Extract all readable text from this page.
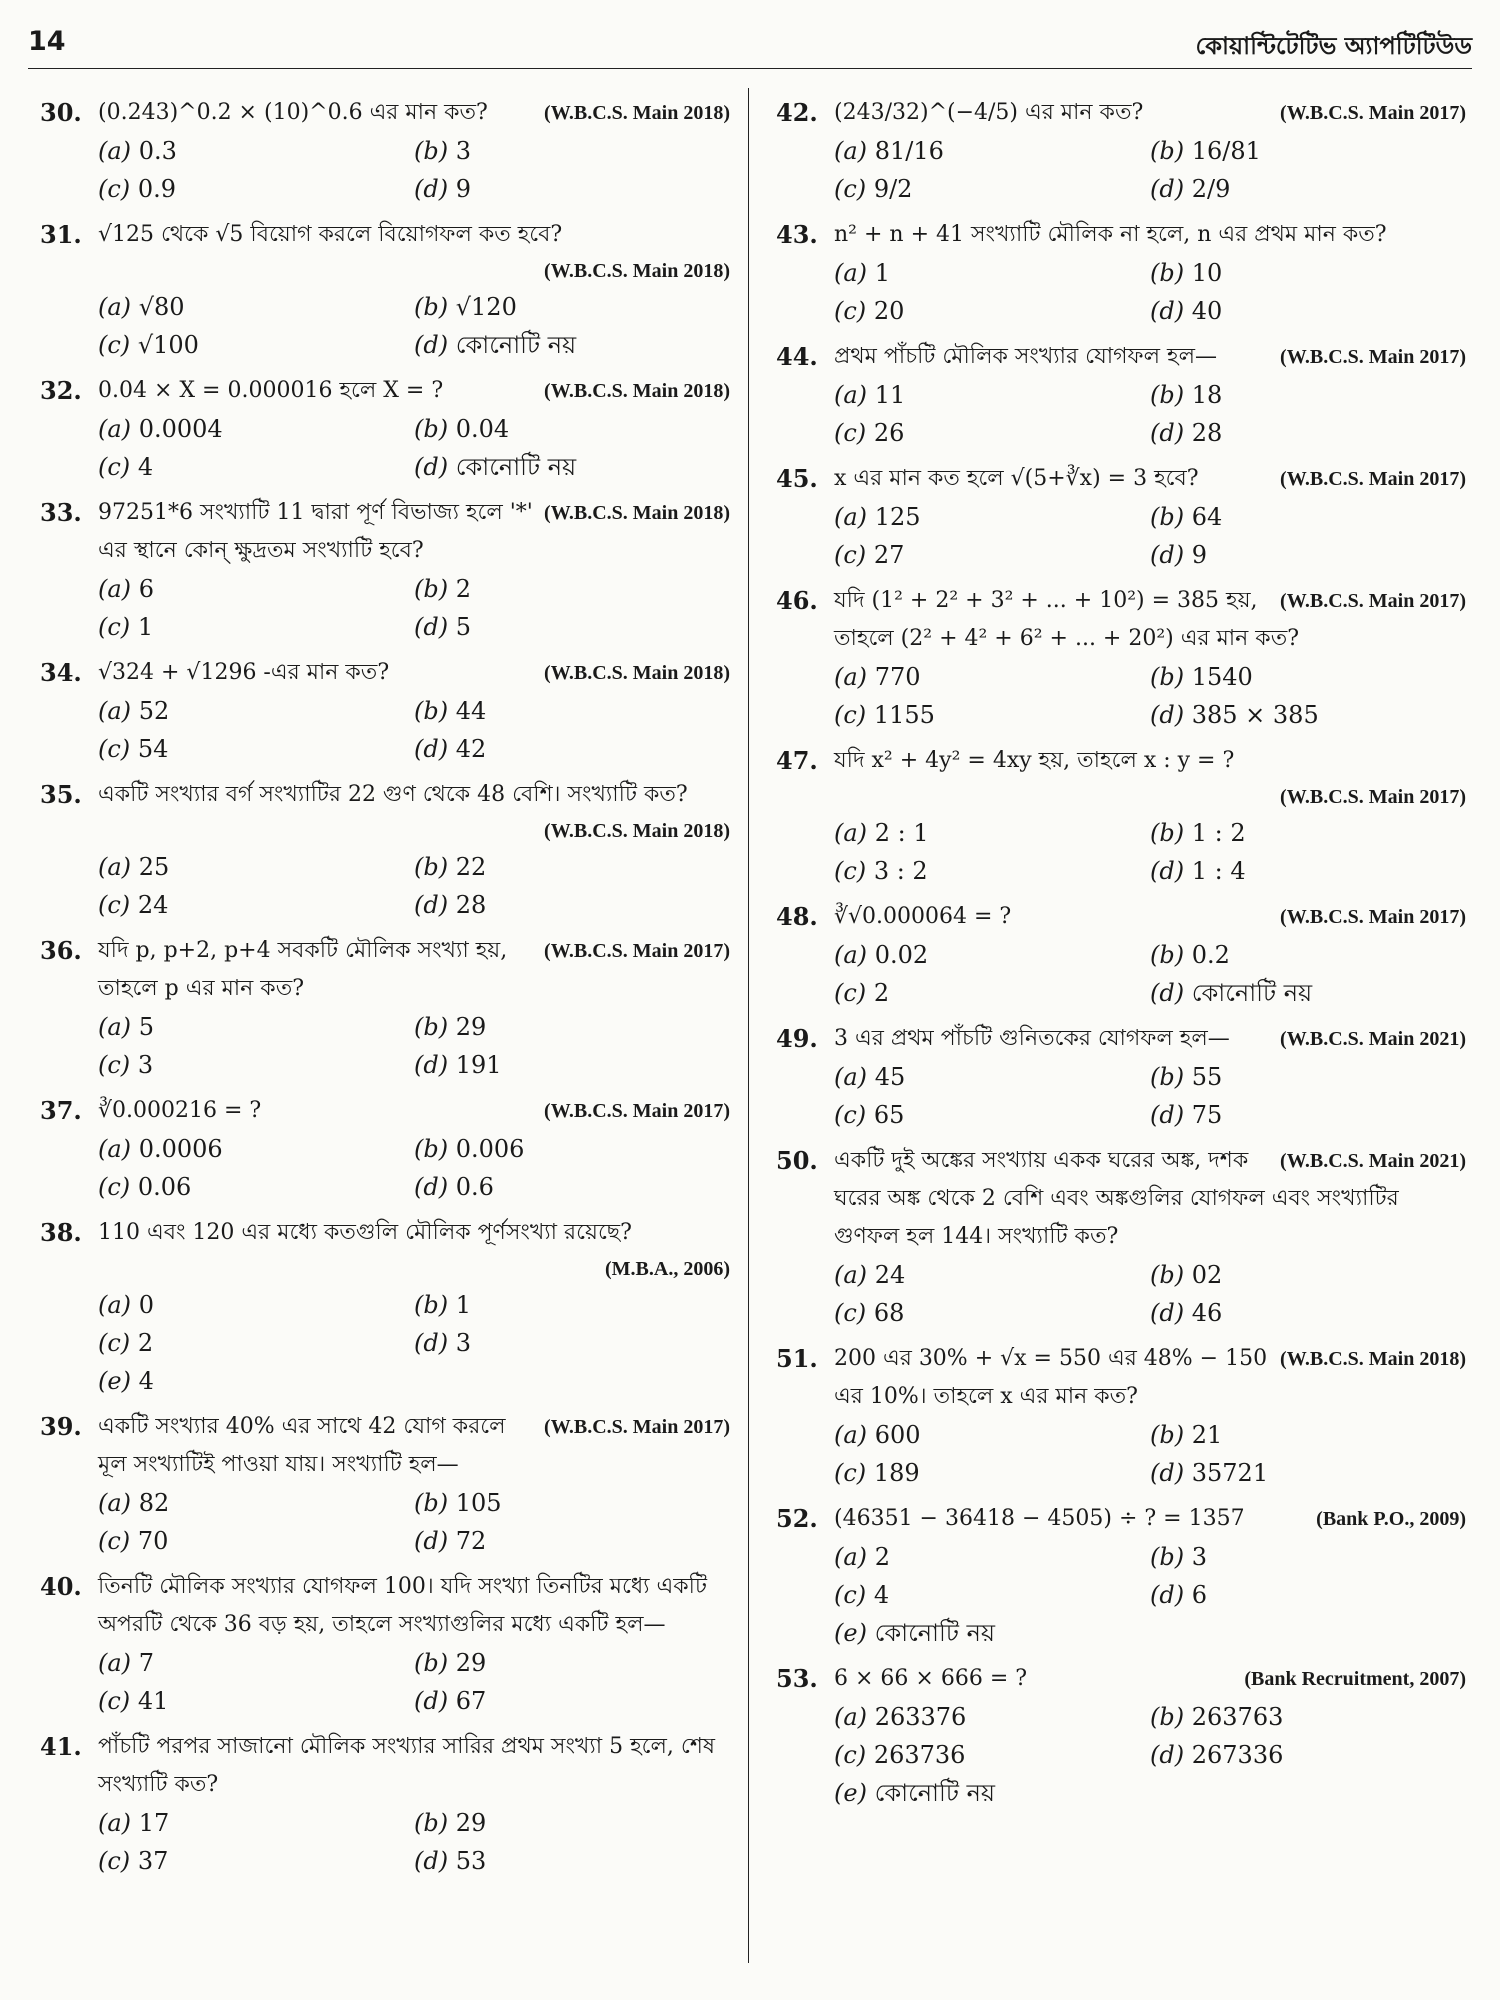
14	কোয়ান্টিটেটিভ অ্যাপটিটিউড
30.	(W.B.C.S. Main 2018)
(0.243)^0.2 × (10)^0.6 এর মান কত?
(a) 0.3	(b) 3
(c) 0.9	(d) 9
31. √125 থেকে √5 বিয়োগ করলে বিয়োগফল কত হবে?
(W.B.C.S. Main 2018)
(a) √80	(b) √120
(c) √100	(d) কোনোটি নয়
32.	(W.B.C.S. Main 2018)
0.04 × X = 0.000016 হলে X = ?
(a) 0.0004	(b) 0.04
(c) 4	(d) কোনোটি নয়
33.	(W.B.C.S. Main 2018)
97251*6 সংখ্যাটি 11 দ্বারা পূর্ণ বিভাজ্য হলে '*' এর স্থানে কোন্ ক্ষুদ্রতম সংখ্যাটি হবে?
(a) 6	(b) 2
(c) 1	(d) 5
34.	(W.B.C.S. Main 2018)
√324 + √1296 -এর মান কত?
(a) 52	(b) 44
(c) 54	(d) 42
35. একটি সংখ্যার বর্গ সংখ্যাটির 22 গুণ থেকে 48 বেশি। সংখ্যাটি কত?
(W.B.C.S. Main 2018)
(a) 25	(b) 22
(c) 24	(d) 28
36.	(W.B.C.S. Main 2017)
যদি p, p+2, p+4 সবকটি মৌলিক সংখ্যা হয়, তাহলে p এর মান কত?
(a) 5	(b) 29
(c) 3	(d) 191
37.	(W.B.C.S. Main 2017)
∛0.000216 = ?
(a) 0.0006	(b) 0.006
(c) 0.06	(d) 0.6
38. 110 এবং 120 এর মধ্যে কতগুলি মৌলিক পূর্ণসংখ্যা রয়েছে?
(M.B.A., 2006)
(a) 0	(b) 1
(c) 2	(d) 3
(e) 4
39.	(W.B.C.S. Main 2017)
একটি সংখ্যার 40% এর সাথে 42 যোগ করলে মূল সংখ্যাটিই পাওয়া যায়। সংখ্যাটি হল—
(a) 82	(b) 105
(c) 70	(d) 72
40. তিনটি মৌলিক সংখ্যার যোগফল 100। যদি সংখ্যা তিনটির মধ্যে একটি অপরটি থেকে 36 বড় হয়, তাহলে সংখ্যাগুলির মধ্যে একটি হল—
(a) 7	(b) 29
(c) 41	(d) 67
41. পাঁচটি পরপর সাজানো মৌলিক সংখ্যার সারির প্রথম সংখ্যা 5 হলে, শেষ সংখ্যাটি কত?
(a) 17	(b) 29
(c) 37	(d) 53
42.	(W.B.C.S. Main 2017)
(243/32)^(−4/5) এর মান কত?
(a) 81/16	(b) 16/81
(c) 9/2	(d) 2/9
43. n² + n + 41 সংখ্যাটি মৌলিক না হলে, n এর প্রথম মান কত?
(a) 1	(b) 10
(c) 20	(d) 40
44.	(W.B.C.S. Main 2017)
প্রথম পাঁচটি মৌলিক সংখ্যার যোগফল হল—
(a) 11	(b) 18
(c) 26	(d) 28
45.	(W.B.C.S. Main 2017)
x এর মান কত হলে √(5+∛x) = 3 হবে?
(a) 125	(b) 64
(c) 27	(d) 9
46.	(W.B.C.S. Main 2017)
যদি (1² + 2² + 3² + ... + 10²) = 385 হয়, তাহলে (2² + 4² + 6² + ... + 20²) এর মান কত?
(a) 770	(b) 1540
(c) 1155	(d) 385 × 385
47. যদি x² + 4y² = 4xy হয়, তাহলে x : y = ?
(W.B.C.S. Main 2017)
(a) 2 : 1	(b) 1 : 2
(c) 3 : 2	(d) 1 : 4
48.	(W.B.C.S. Main 2017)
∛√0.000064 = ?
(a) 0.02	(b) 0.2
(c) 2	(d) কোনোটি নয়
49.	(W.B.C.S. Main 2021)
3 এর প্রথম পাঁচটি গুনিতকের যোগফল হল—
(a) 45	(b) 55
(c) 65	(d) 75
50.	(W.B.C.S. Main 2021)
একটি দুই অঙ্কের সংখ্যায় একক ঘরের অঙ্ক, দশক ঘরের অঙ্ক থেকে 2 বেশি এবং অঙ্কগুলির যোগফল এবং সংখ্যাটির গুণফল হল 144। সংখ্যাটি কত?
(a) 24	(b) 02
(c) 68	(d) 46
51.	(W.B.C.S. Main 2018)
200 এর 30% + √x = 550 এর 48% − 150 এর 10%। তাহলে x এর মান কত?
(a) 600	(b) 21
(c) 189	(d) 35721
52.	(Bank P.O., 2009)
(46351 − 36418 − 4505) ÷ ? = 1357
(a) 2	(b) 3
(c) 4	(d) 6
(e) কোনোটি নয়
53.	(Bank Recruitment, 2007)
6 × 66 × 666 = ?
(a) 263376	(b) 263763
(c) 263736	(d) 267336
(e) কোনোটি নয়
